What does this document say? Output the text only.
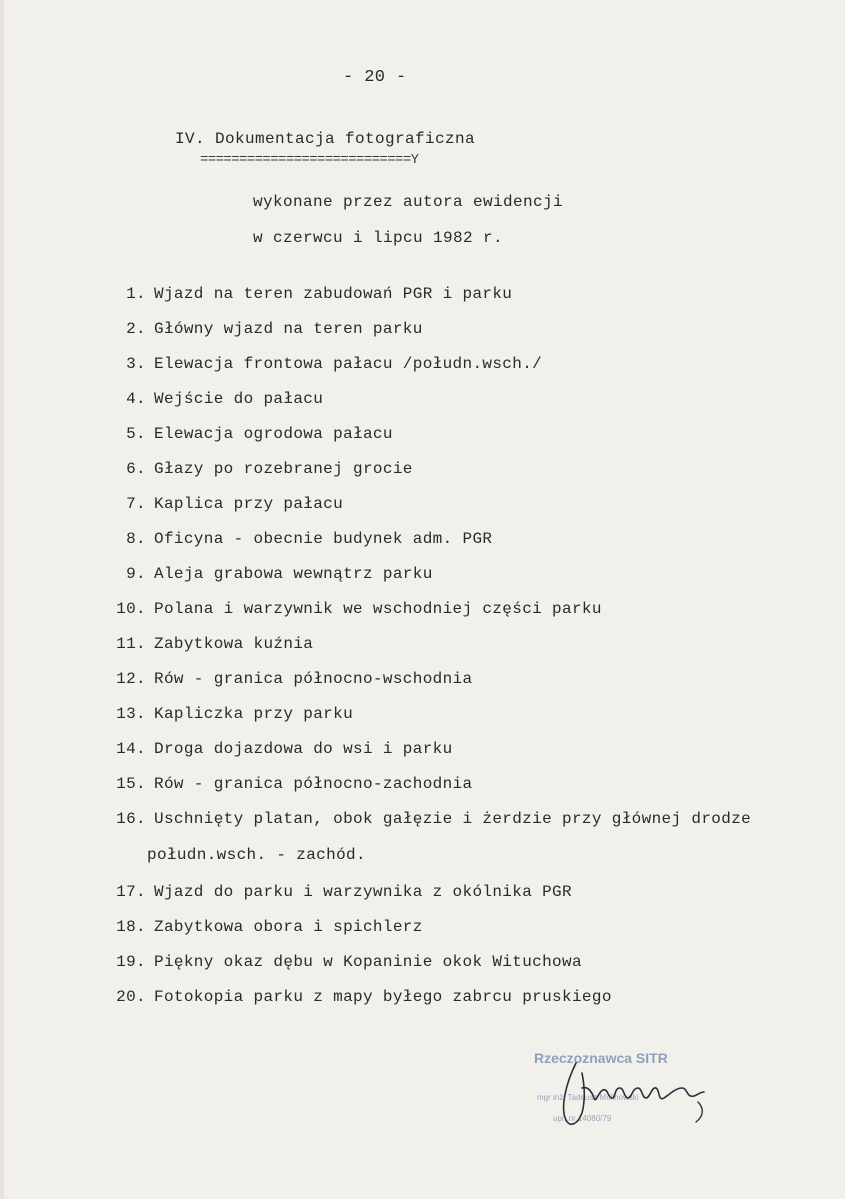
- 20 -
IV. Dokumentacja fotograficzna
===========================Y
wykonane przez autora ewidencji
w czerwcu i lipcu 1982 r.
1. Wjazd na teren zabudowań PGR i parku
2. Główny wjazd na teren parku
3. Elewacja frontowa pałacu /połudn.wsch./
4. Wejście do pałacu
5. Elewacja ogrodowa pałacu
6. Głazy po rozebranej grocie
7. Kaplica przy pałacu
8. Oficyna - obecnie budynek adm. PGR
9. Aleja grabowa wewnątrz parku
10. Polana i warzywnik we wschodniej części parku
11. Zabytkowa kuźnia
12. Rów - granica północno-wschodnia
13. Kapliczka przy parku
14. Droga dojazdowa do wsi i parku
15. Rów - granica północno-zachodnia
16. Uschnięty platan, obok gałęzie i żerdzie przy głównej drodze
połudn.wsch. - zachód.
17. Wjazd do parku i warzywnika z okólnika PGR
18. Zabytkowa obora i spichlerz
19. Piękny okaz dębu w Kopaninie okok Wituchowa
20. Fotokopia parku z mapy byłego zabrcu pruskiego
Rzeczoznawca SITR
mgr inż. Tadeusz Molinowski
upr. nr 14080/79
